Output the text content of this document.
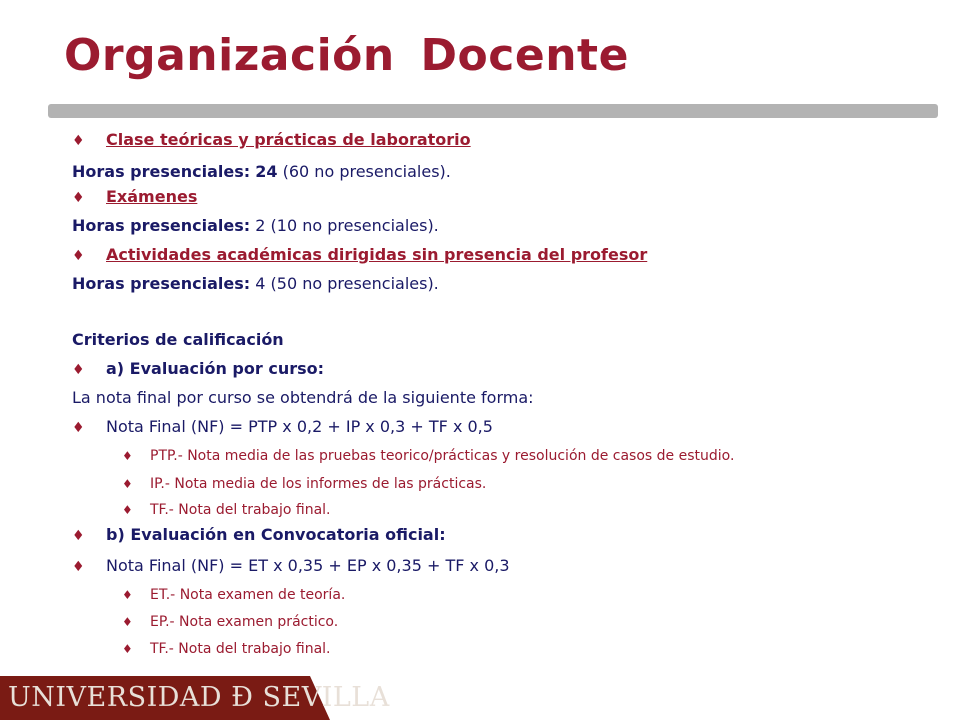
Organización Docente
♦ Clase teóricas y prácticas de laboratorio
Horas presenciales: 24 (60 no presenciales).
♦ Exámenes
Horas presenciales: 2 (10 no presenciales).
♦ Actividades académicas dirigidas sin presencia del profesor
Horas presenciales: 4 (50 no presenciales).
Criterios de calificación
♦ a) Evaluación por curso:
La nota final por curso se obtendrá de la siguiente forma:
♦ Nota Final (NF) = PTP x 0,2 + IP x 0,3 + TF x 0,5
♦ PTP.- Nota media de las pruebas teorico/prácticas y resolución de casos de estudio.
♦ IP.- Nota media de los informes de las prácticas.
♦ TF.- Nota del trabajo final.
♦ b) Evaluación en Convocatoria oficial:
♦ Nota Final (NF) = ET x 0,35 + EP x 0,35 + TF x 0,3
♦ ET.- Nota examen de teoría.
♦ EP.- Nota examen práctico.
♦ TF.- Nota del trabajo final.
UNIVERSIDAD Ð SEVILLA
